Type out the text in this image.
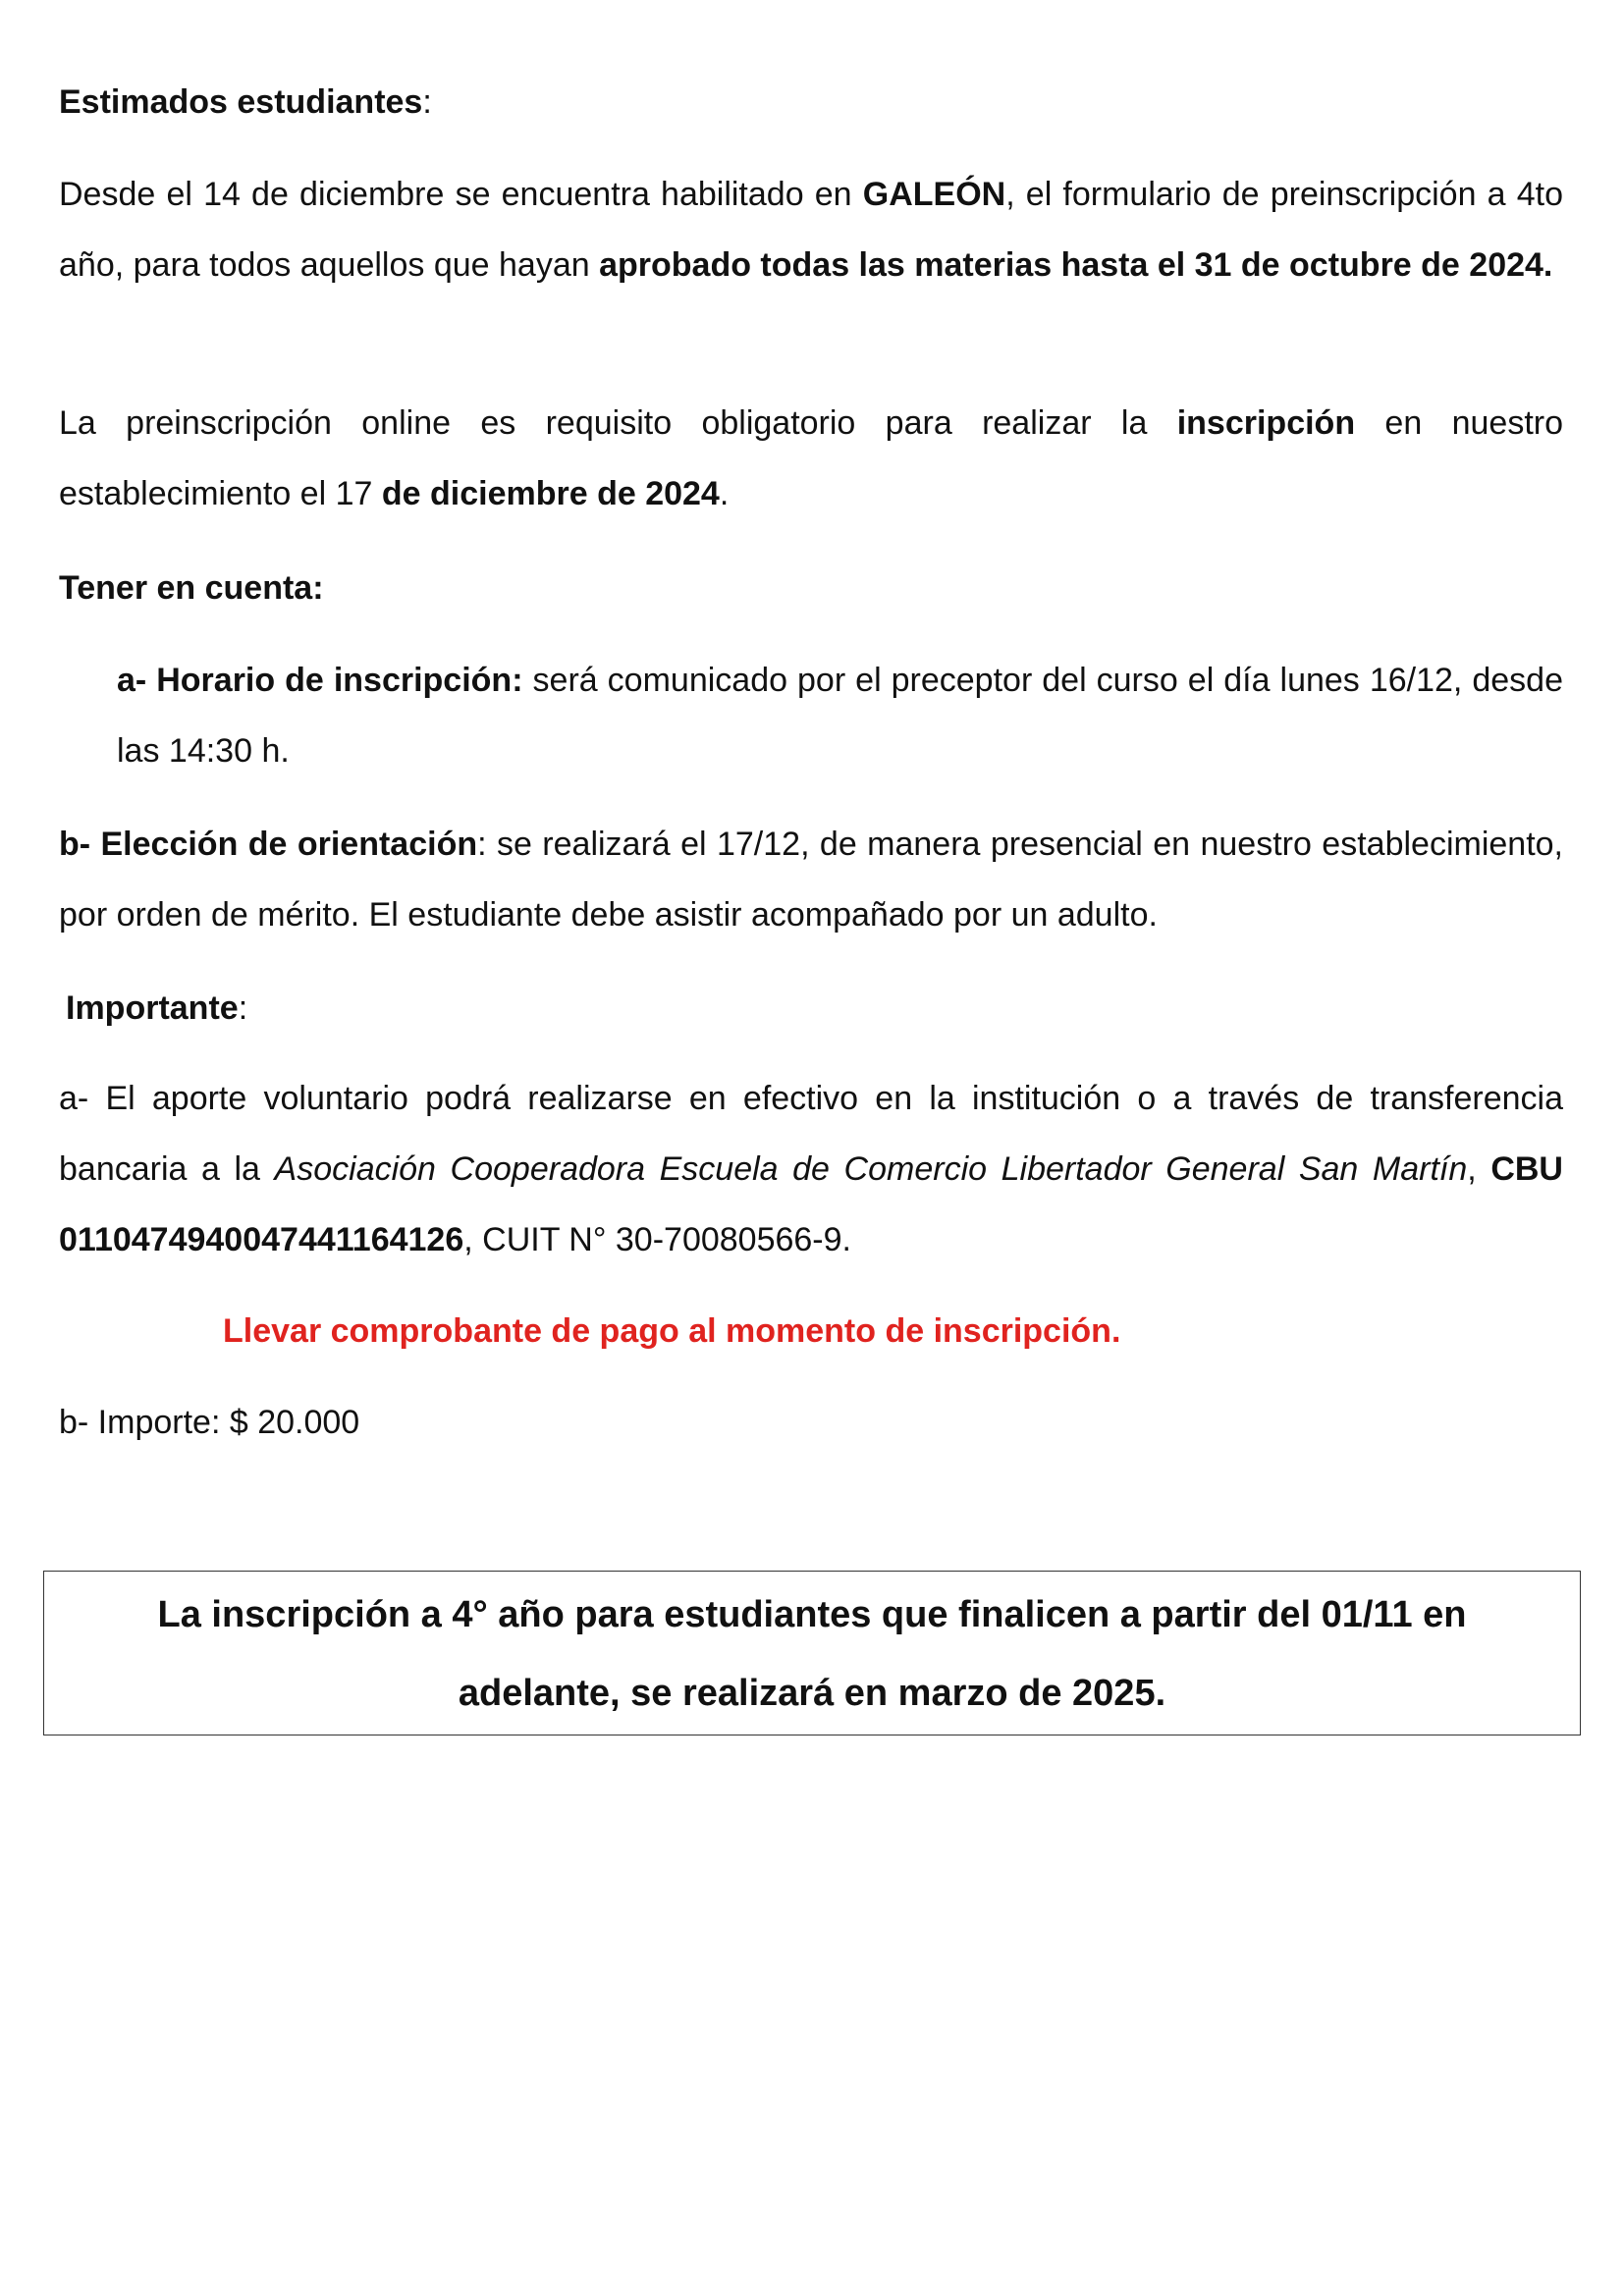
Estimados estudiantes:

Desde el 14 de diciembre se encuentra habilitado en GALEÓN, el formulario de preinscripción a 4to año, para todos aquellos que hayan aprobado todas las materias hasta el 31 de octubre de 2024.

La preinscripción online es requisito obligatorio para realizar la inscripción en nuestro establecimiento el 17 de diciembre de 2024.

Tener en cuenta:

a- Horario de inscripción: será comunicado por el preceptor del curso el día lunes 16/12, desde las 14:30 h.

b- Elección de orientación: se realizará el 17/12, de manera presencial en nuestro establecimiento, por orden de mérito. El estudiante debe asistir acompañado por un adulto.

Importante:

a- El aporte voluntario podrá realizarse en efectivo en la institución o a través de transferencia bancaria a la Asociación Cooperadora Escuela de Comercio Libertador General San Martín, CBU 0110474940047441164126, CUIT N° 30-70080566-9.

Llevar comprobante de pago al momento de inscripción.

b- Importe: $ 20.000

La inscripción a 4° año para estudiantes que finalicen a partir del 01/11 en
adelante, se realizará en marzo de 2025.
